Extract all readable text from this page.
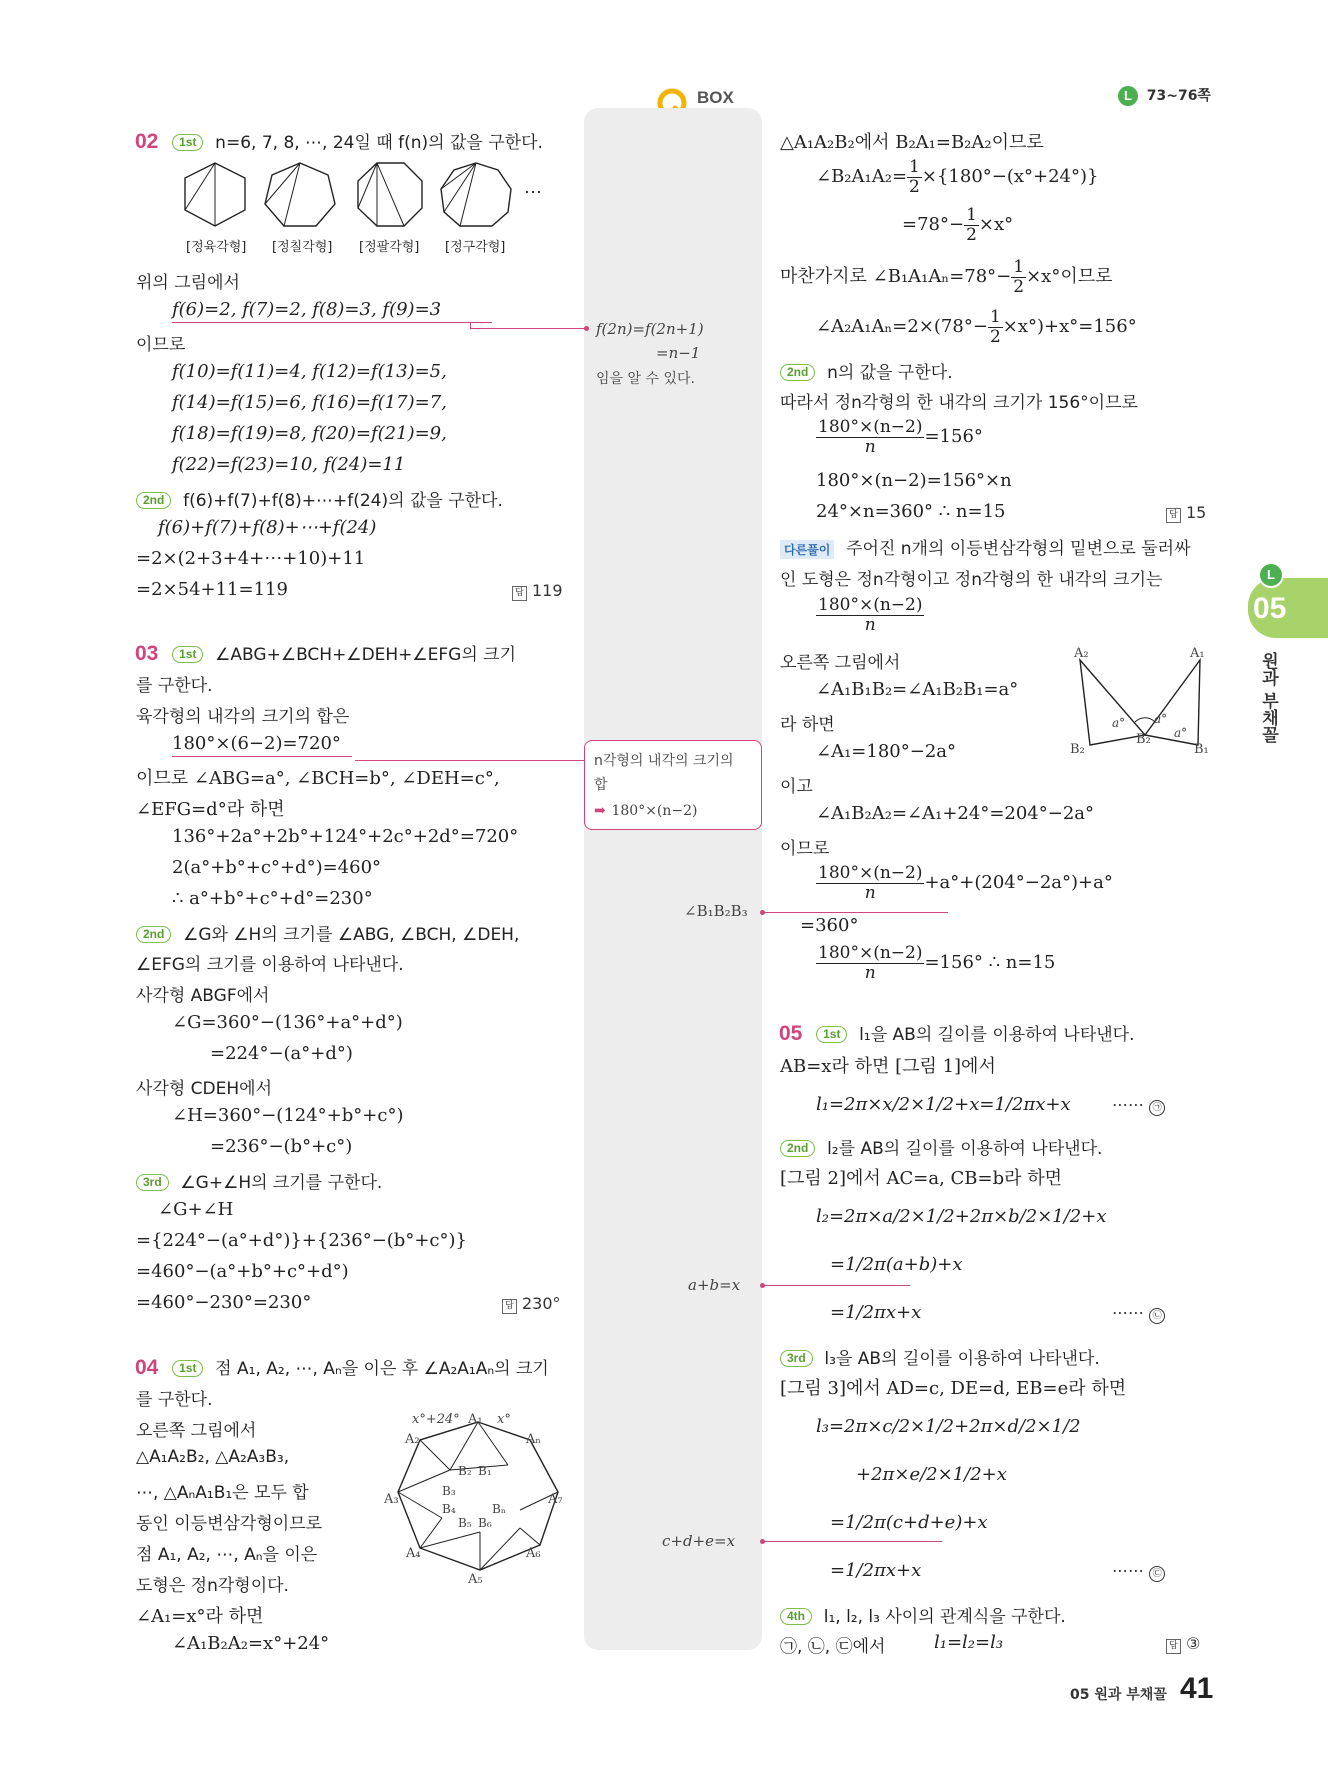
BOX	L 73~76쪽
L
05
원과 부채꼴
02 1st n=6, 7, 8, ⋯, 24일 때 f(n)의 값을 구한다.
⋯
[정육각형] [정칠각형] [정팔각형] [정구각형]
위의 그림에서
f(6)=2, f(7)=2, f(8)=3, f(9)=3
이므로
f(10)=f(11)=4, f(12)=f(13)=5,
f(14)=f(15)=6, f(16)=f(17)=7,
f(18)=f(19)=8, f(20)=f(21)=9,
f(22)=f(23)=10, f(24)=11
2nd f(6)+f(7)+f(8)+⋯+f(24)의 값을 구한다.
f(6)+f(7)+f(8)+⋯+f(24)
=2×(2+3+4+⋯+10)+11
=2×54+11=119	답 119
03 1st ∠ABG+∠BCH+∠DEH+∠EFG의 크기
를 구한다.
육각형의 내각의 크기의 합은
180°×(6−2)=720°
이므로 ∠ABG=a°, ∠BCH=b°, ∠DEH=c°,
∠EFG=d°라 하면
136°+2a°+2b°+124°+2c°+2d°=720°
2(a°+b°+c°+d°)=460°
∴ a°+b°+c°+d°=230°
2nd ∠G와 ∠H의 크기를 ∠ABG, ∠BCH, ∠DEH,
∠EFG의 크기를 이용하여 나타낸다.
사각형 ABGF에서
∠G=360°−(136°+a°+d°)
=224°−(a°+d°)
사각형 CDEH에서
∠H=360°−(124°+b°+c°)
=236°−(b°+c°)
3rd ∠G+∠H의 크기를 구한다.
∠G+∠H
={224°−(a°+d°)}+{236°−(b°+c°)}
=460°−(a°+b°+c°+d°)
=460°−230°=230°	답 230°
04 1st 점 A₁, A₂, ⋯, Aₙ을 이은 후 ∠A₂A₁Aₙ의 크기
를 구한다.
오른쪽 그림에서
△A₁A₂B₂, △A₂A₃B₃,
⋯, △AₙA₁B₁은 모두 합
동인 이등변삼각형이므로
점 A₁, A₂, ⋯, Aₙ을 이은
도형은 정n각형이다.
∠A₁=x°라 하면
∠A₁B₂A₂=x°+24°
x°+24° A₁ x°
A₂	Aₙ
B₂ B₁
A₃
B₃
B₄	Bₙ
A₇
B₅ B₆
A₄	A₆
A₅
f(2n)=f(2n+1)
=n−1
임을 알 수 있다.
n각형의 내각의 크기의
합
➡ 180°×(n−2)
∠B₁B₂B₃
a+b=x
c+d+e=x
△A₁A₂B₂에서 B₂A₁=B₂A₂이므로
∠B₂A₁A₂= $\frac{1}{2} \times\{180^\circ-(x^\circ+24^\circ)\}$
$=78^\circ- \frac{1}{2} \times x^\circ$
마찬가지로 ∠B₁A₁Aₙ=78°− $\frac{1}{2} \times x^\circ$이므로
∠A₂A₁Aₙ=2×(78°− $\frac{1}{2} \times x^\circ)+x^\circ=156^\circ$
2nd n의 값을 구한다.
따라서 정n각형의 한 내각의 크기가 156°이므로
$\frac{180^\circ\times(n-2)}{n} =156^\circ$
180°×(n−2)=156°×n
24°×n=360° ∴ n=15	답 15
다른풀이 주어진 n개의 이등변삼각형의 밑변으로 둘러싸
인 도형은 정n각형이고 정n각형의 한 내각의 크기는
$\frac{180^\circ\times(n-2)}{n}$
오른쪽 그림에서
∠A₁B₁B₂=∠A₁B₂B₁=a°
라 하면
∠A₁=180°−2a°
이고
∠A₁B₂A₂=∠A₁+24°=204°−2a°
이므로
$\frac{180^\circ\times(n-2)}{n} +a^\circ+(204^\circ-2a^\circ)+a^\circ$
=360°
$\frac{180^\circ\times(n-2)}{n} =156^\circ$ ∴ n=15
A₂	A₁
a° a°
a°
B₂
B₂
B₁
05 1st l₁을 AB의 길이를 이용하여 나타낸다.
AB=x라 하면 [그림 1]에서
l₁=2π×x/2×1/2+x=1/2πx+x	⋯⋯ ㉠
2nd l₂를 AB의 길이를 이용하여 나타낸다.
[그림 2]에서 AC=a, CB=b라 하면
l₂=2π×a/2×1/2+2π×b/2×1/2+x
=1/2π(a+b)+x
=1/2πx+x	⋯⋯ ㉡
3rd l₃을 AB의 길이를 이용하여 나타낸다.
[그림 3]에서 AD=c, DE=d, EB=e라 하면
l₃=2π×c/2×1/2+2π×d/2×1/2
+2π×e/2×1/2+x
=1/2π(c+d+e)+x
=1/2πx+x	⋯⋯ ㉢
4th l₁, l₂, l₃ 사이의 관계식을 구한다.
㉠, ㉡, ㉢에서	l₁=l₂=l₃	답 ③
05 원과 부채꼴 41
